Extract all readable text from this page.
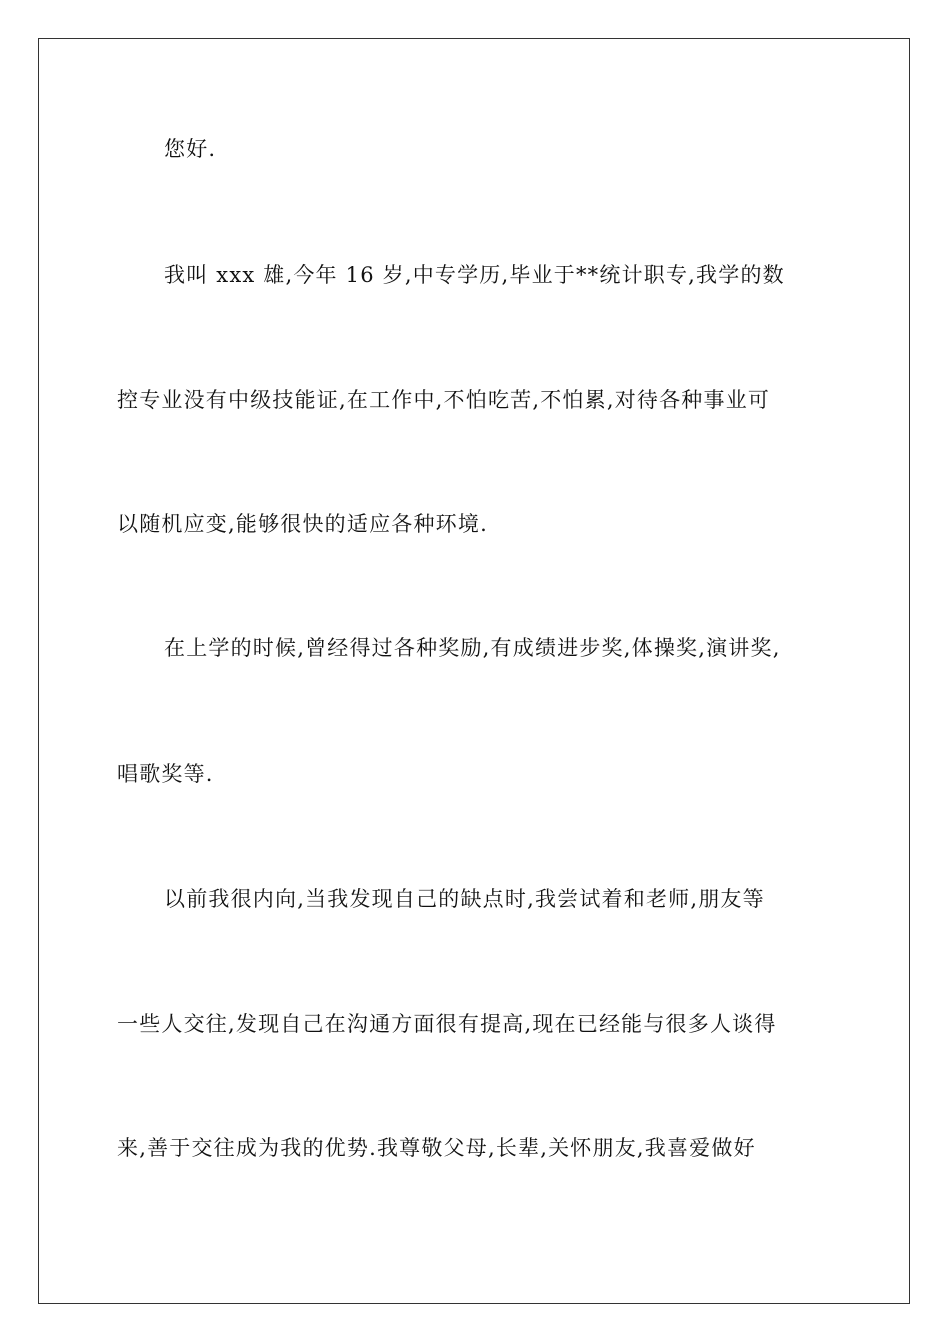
您好.
我叫 xxx 雄,今年 16 岁,中专学历,毕业于**统计职专,我学的数
控专业没有中级技能证,在工作中,不怕吃苦,不怕累,对待各种事业可
以随机应变,能够很快的适应各种环境.
在上学的时候,曾经得过各种奖励,有成绩进步奖,体操奖,演讲奖,
唱歌奖等.
以前我很内向,当我发现自己的缺点时,我尝试着和老师,朋友等
一些人交往,发现自己在沟通方面很有提高,现在已经能与很多人谈得
来,善于交往成为我的优势.我尊敬父母,长辈,关怀朋友,我喜爱做好
